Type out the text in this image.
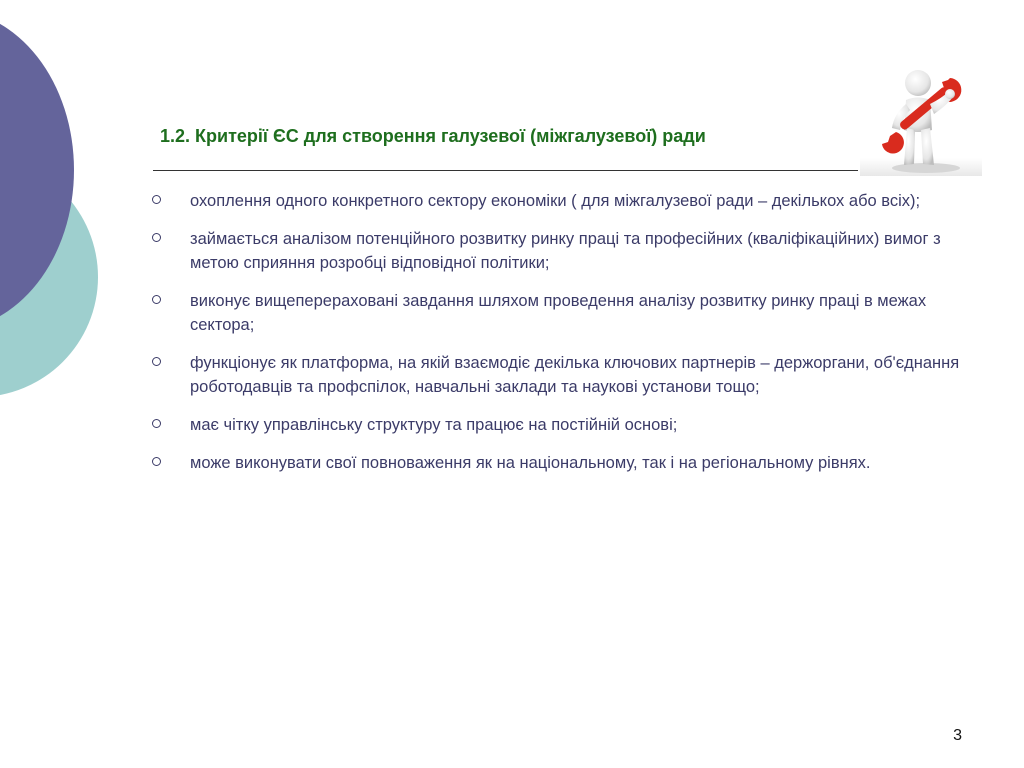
1.2. Критерії ЄС для створення галузевої (міжгалузевої) ради
охоплення одного конкретного сектору економіки ( для міжгалузевої ради – декількох або всіх);
займається аналізом потенційного розвитку ринку праці та професійних (кваліфікаційних) вимог з метою сприяння розробці відповідної політики;
виконує вищеперераховані завдання шляхом проведення аналізу розвитку ринку праці в межах сектора;
функціонує як платформа, на якій взаємодіє декілька ключових партнерів – держоргани, об'єднання роботодавців та профспілок, навчальні заклади та наукові установи тощо;
має чітку управлінську структуру та працює на постійній основі;
може виконувати свої повноваження як на національному, так і на регіональному рівнях.
3
